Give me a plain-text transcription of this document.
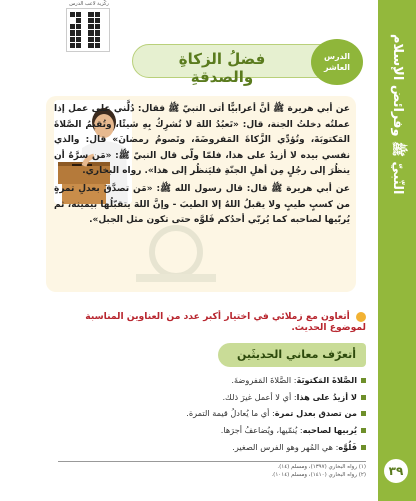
النّبيّ ﷺ وفرائض الإسلام
٣٩
ركّزية لاعب الدرس
فضلُ الزكاةِ والصدقةِ
الدرس العاشر

عن أبي هريرة ﷺ أنَّ أعرابيًّا أتى النبيّ ﷺ فقال: دُلَّني على عمل إذا عملتُه دخلتُ الجنة، قال: «تَعبُدُ اللهَ لا تُشرِكُ بِهِ شيئًا، وتُقيمُ الصَّلاةَ المَكتوبَةَ، وتُؤدِّي الزَّكاةَ المَفروضَةَ، وتَصومُ رمضانَ» قال: والذي نفسي بيده لا أزيدُ على هذا، فلمّا ولّى قال النبيّ ﷺ: «مَن سرَّهُ أن ينظُرَ إلى رجُلٍ مِن أهلِ الجنّةِ فليَنظُر إلى هذا». رواه البخاري.

عن أبي هريرة ﷺ قال: قال رسول الله ﷺ: «مَن تصدَّقَ بعدلِ تمرةٍ من كسبٍ طيبٍ ولا يقبلُ اللهُ إلا الطيبَ - وإنَّ اللهَ يتقبّلُها بيمينه، ثم يُربّيها لصاحبه كما يُربّي أحدُكم فَلوَّه حتى تكون مثل الجبل».

أتعاون مع زملائي في اختيار أكبر عدد من العناوين المناسبة لموضوع الحديث.
أتعرّف معاني الحديثَين
الصَّلاةَ المَكتوبَةَ: الصَّلاةَ المَفروضةَ.
لا أزيدُ على هذا: أي لا أعمل غيرَ ذلك.
من تصدق بعدل تمرة: أي ما يُعادلُ قيمة التمرة.
يُربيها لصاحبه: يُنمّيها، ويُضاعفُ أجرَها.
فَلُوَّه: هي المُهر وهو الفرس الصغير.
(١) رواه البخاري (١٣٩٧)، ومسلم (١٤).
(٢) رواه البخاري (١٤١٠)، ومسلم (١٠١٤).
